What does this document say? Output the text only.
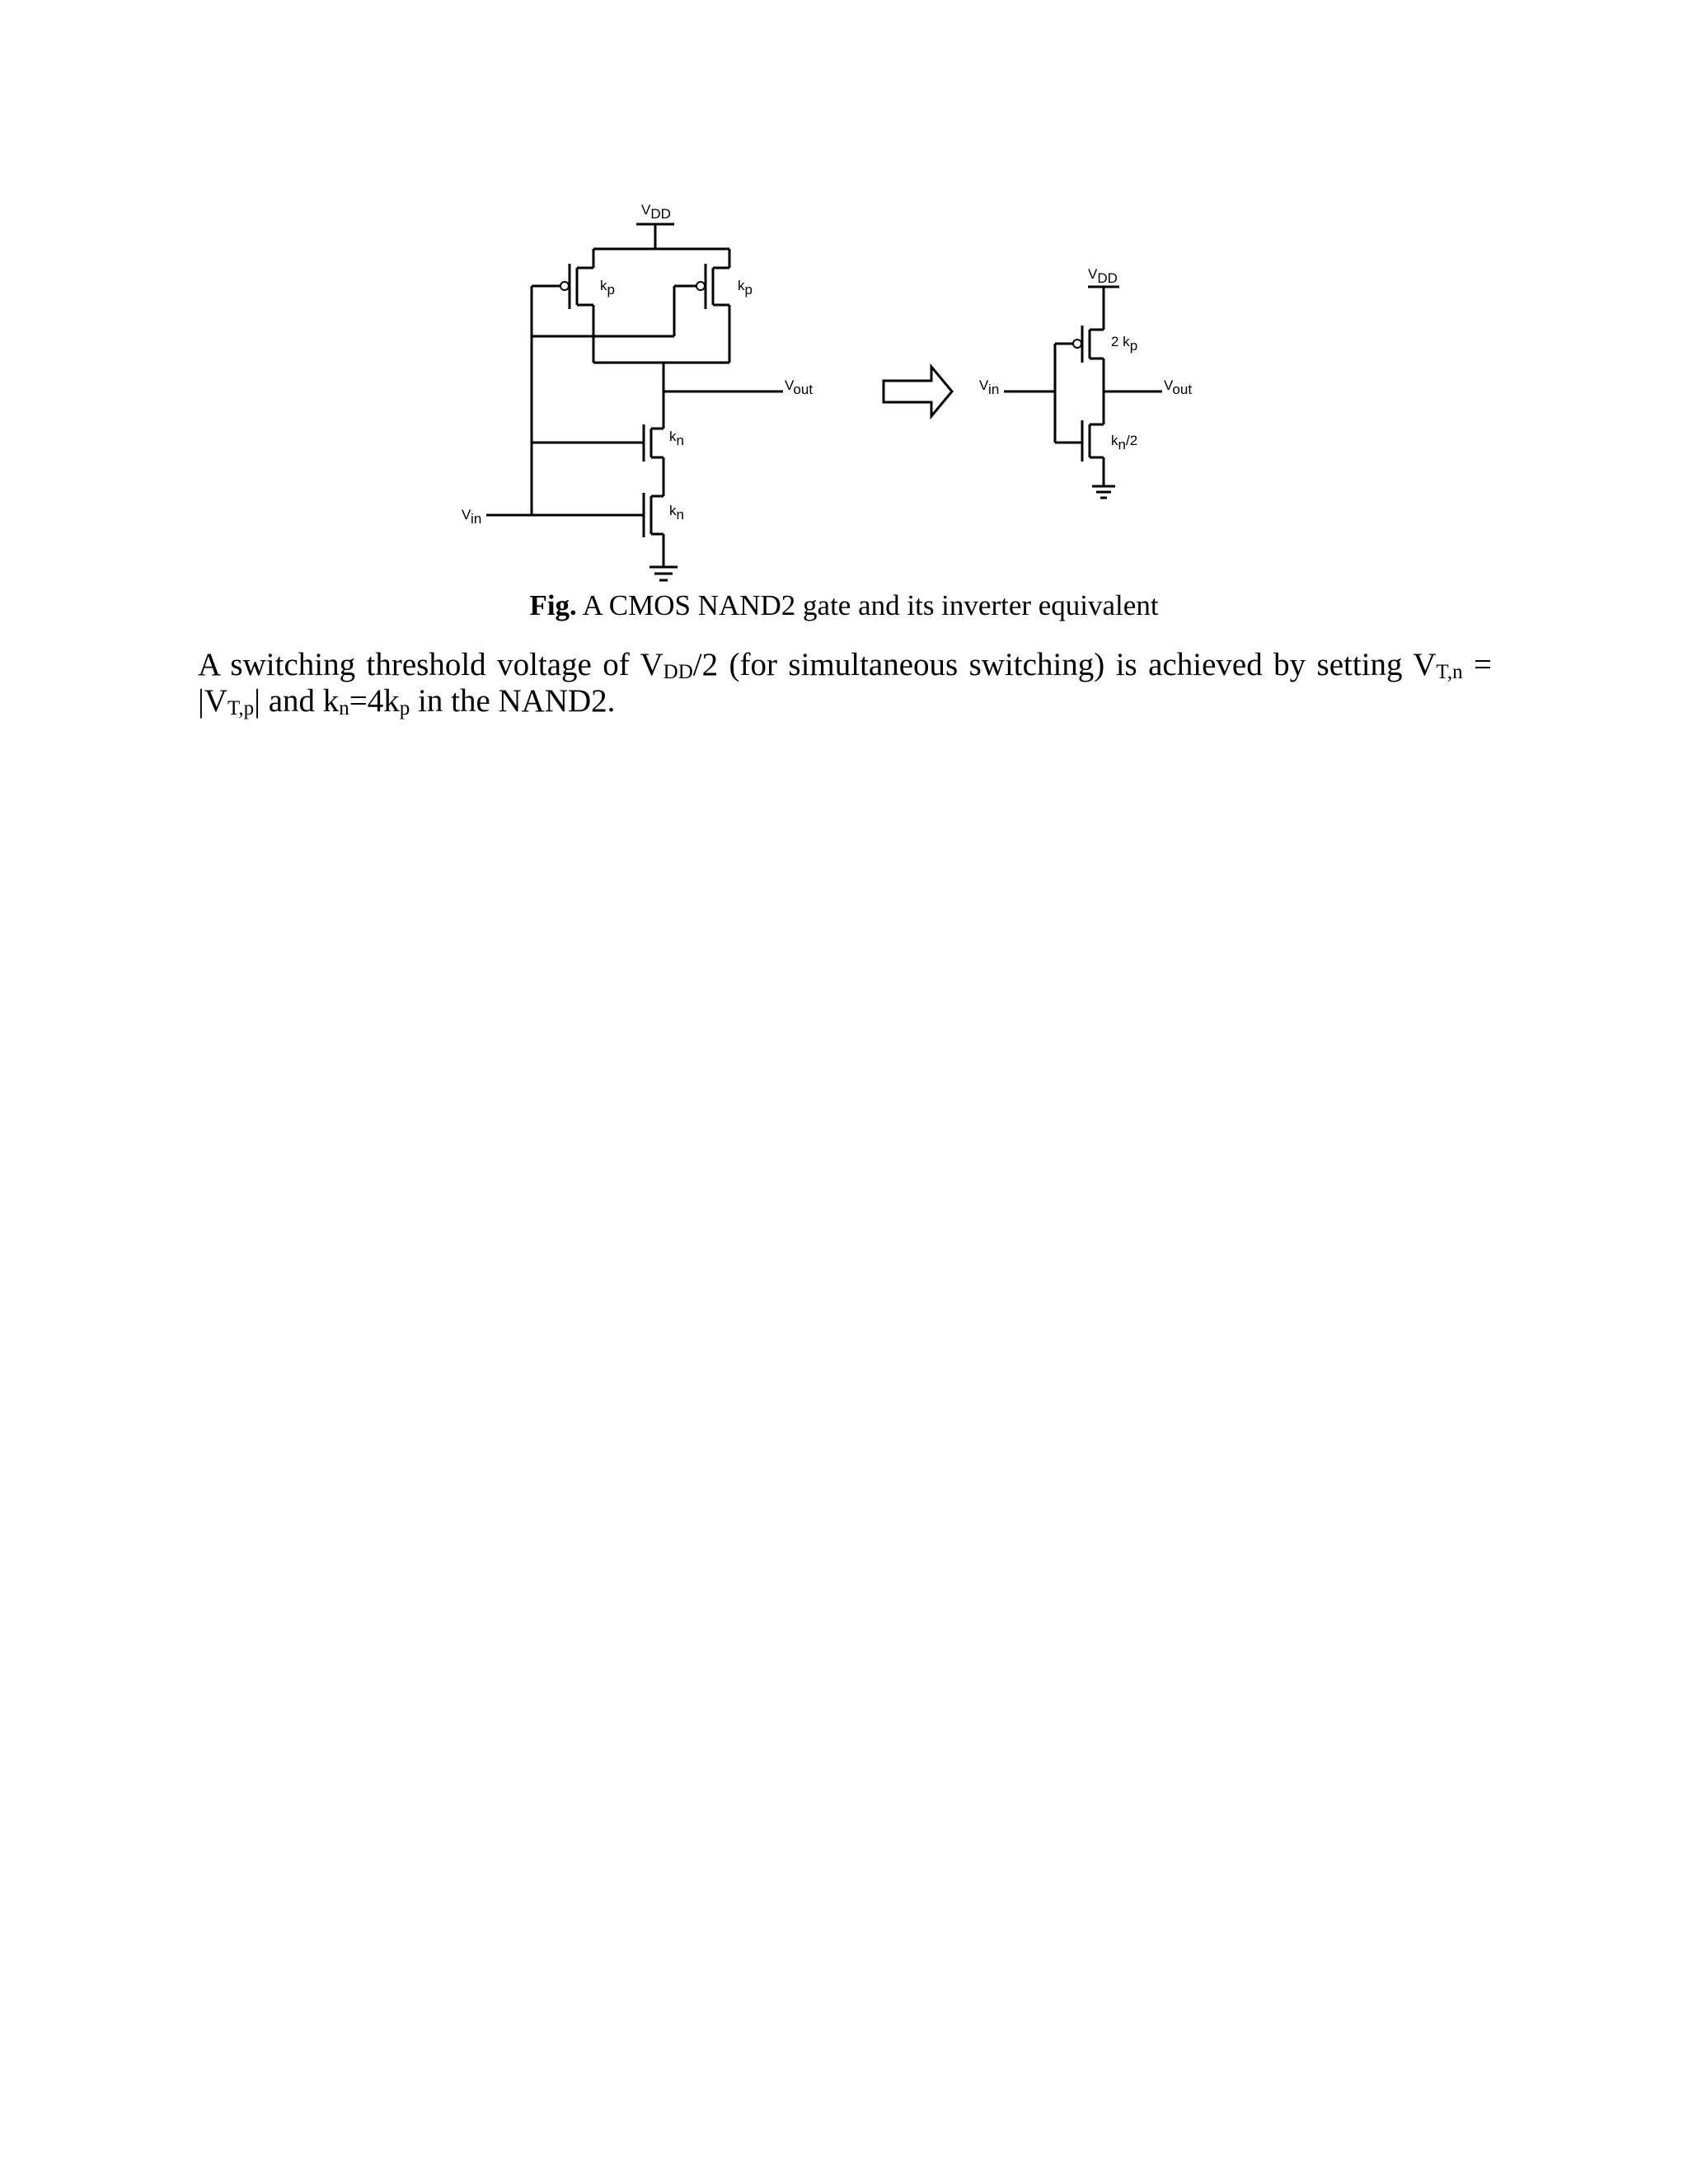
VDD
kp	kp
Vout
kn
kn
Vin
VDD
2 kp
Vin	Vout
kn/2
Fig. A CMOS NAND2 gate and its inverter equivalent
A switching threshold voltage of $V_{DD}/2$ (for simultaneous switching) is achieved by setting $V_{T,n} = |V_{T,p}|$ and $k_n=4k_p$ in the NAND2.
